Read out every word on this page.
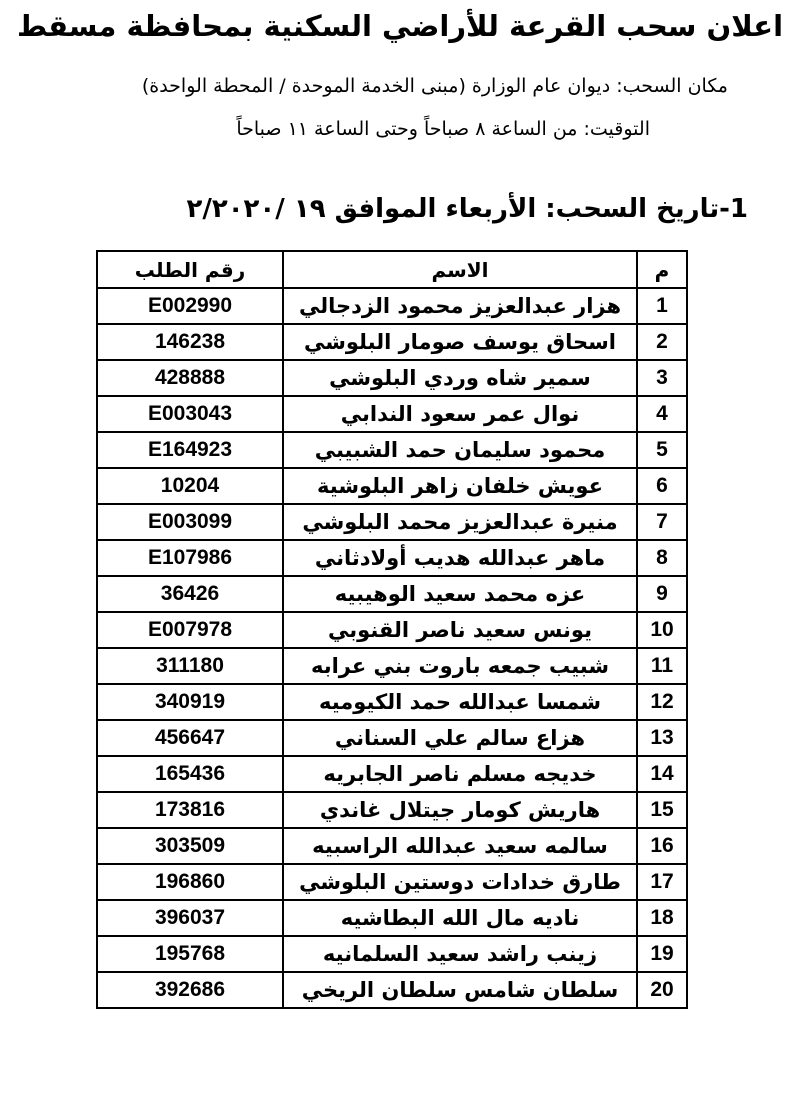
اعلان سحب القرعة للأراضي السكنية بمحافظة مسقط
مكان السحب: ديوان عام الوزارة (مبنى الخدمة الموحدة / المحطة الواحدة)
التوقيت: من الساعة ٨ صباحاً وحتى الساعة ١١ صباحاً
1-تاريخ السحب: الأربعاء الموافق ١٩ /٢/٢٠٢٠
م	الاسم	رقم الطلب
1	هزار عبدالعزيز محمود الزدجالي	E002990
2	اسحاق يوسف صومار البلوشي	146238
3	سمير شاه وردي البلوشي	428888
4	نوال عمر سعود الندابي	E003043
5	محمود سليمان حمد الشبيبي	E164923
6	عويش خلفان زاهر البلوشية	10204
7	منيرة عبدالعزيز محمد البلوشي	E003099
8	ماهر عبدالله هديب أولادثاني	E107986
9	عزه محمد سعيد الوهيبيه	36426
10	يونس سعيد ناصر القنوبي	E007978
11	شبيب جمعه باروت بني عرابه	311180
12	شمسا عبدالله حمد الكيوميه	340919
13	هزاع سالم علي السناني	456647
14	خديجه مسلم ناصر الجابريه	165436
15	هاريش كومار جيتلال غاندي	173816
16	سالمه سعيد عبدالله الراسبيه	303509
17	طارق خدادات دوستين البلوشي	196860
18	ناديه مال الله البطاشيه	396037
19	زينب راشد سعيد السلمانيه	195768
20	سلطان شامس سلطان الريخي	392686
